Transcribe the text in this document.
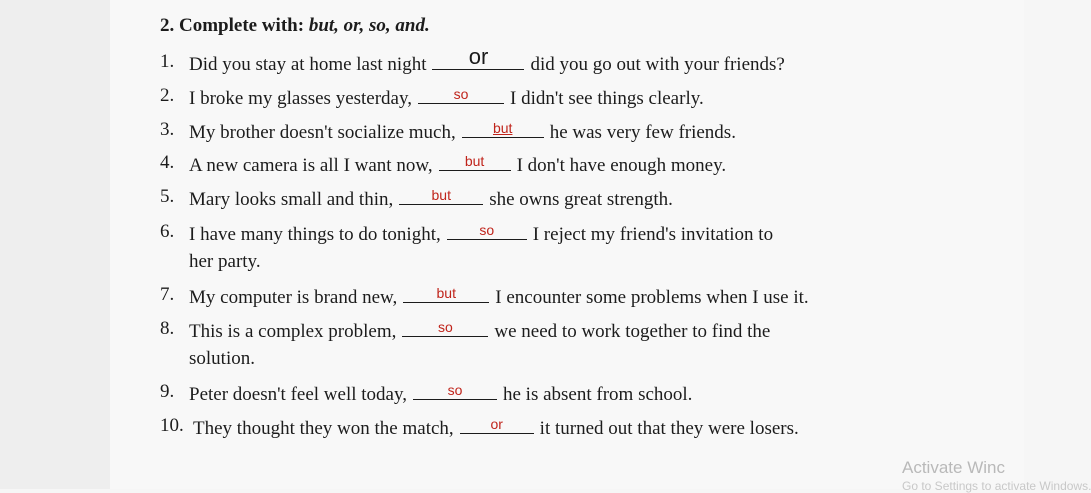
2. Complete with: but, or, so, and.
1. Did you stay at home last night	or	did you go out with your friends?
2. I broke my glasses yesterday,	so	I didn't see things clearly.
3. My brother doesn't socialize much,	but	he was very few friends.
4. A new camera is all I want now,	but	I don't have enough money.
5. Mary looks small and thin,	but	she owns great strength.
6. I have many things to do tonight,	so	I reject my friend's invitation to
her party.
7. My computer is brand new,	but	I encounter some problems when I use it.
8. This is a complex problem,	so	we need to work together to find the
solution.
9. Peter doesn't feel well today,	so	he is absent from school.
10. They thought they won the match,	or	it turned out that they were losers.
Activate Winc
Go to Settings to activate Windows.
